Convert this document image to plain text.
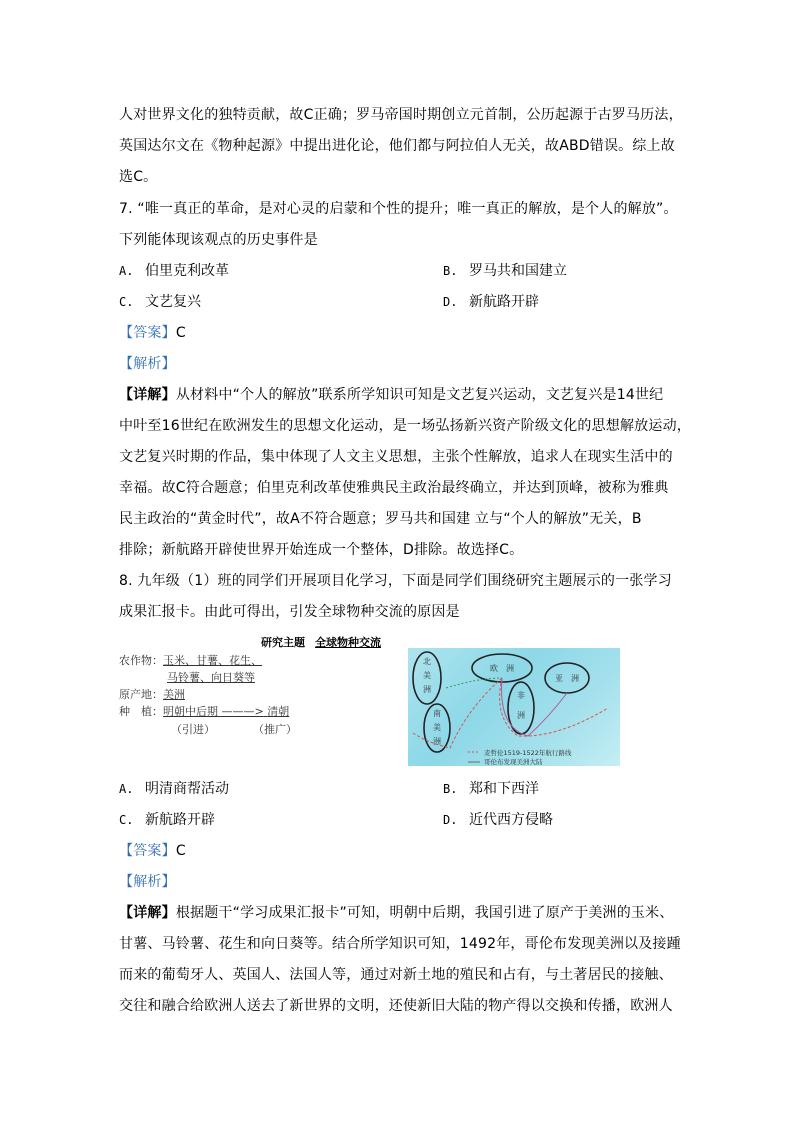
人对世界文化的独特贡献，故C正确；罗马帝国时期创立元首制，公历起源于古罗马历法，
英国达尔文在《物种起源》中提出进化论，他们都与阿拉伯人无关，故ABD错误。综上故
选C。
7. “唯一真正的革命，是对心灵的启蒙和个性的提升；唯一真正的解放，是个人的解放”。
下列能体现该观点的历史事件是
A. 伯里克利改革	B. 罗马共和国建立
C. 文艺复兴	D. 新航路开辟
【答案】C
【解析】
【详解】从材料中“个人的解放”联系所学知识可知是文艺复兴运动，文艺复兴是14世纪
中叶至16世纪在欧洲发生的思想文化运动，是一场弘扬新兴资产阶级文化的思想解放运动，
文艺复兴时期的作品，集中体现了人文主义思想，主张个性解放，追求人在现实生活中的
幸福。故C符合题意；伯里克利改革使雅典民主政治最终确立，并达到顶峰，被称为雅典
民主政治的“黄金时代”，故A不符合题意；罗马共和国建 立与“个人的解放”无关，B
排除；新航路开辟使世界开始连成一个整体，D排除。故选择C。
8. 九年级（1）班的同学们开展项目化学习，下面是同学们围绕研究主题展示的一张学习
成果汇报卡。由此可得出，引发全球物种交流的原因是
研究主题 全球物种交流
农作物：玉米、甘薯、花生、
马铃薯、向日葵等
原产地：美洲
种　植：明朝中后期 ———> 清朝
（引进）	（推广）
北
美
洲
南
美
洲
欧　洲
非
洲
亚　洲
麦哲伦1519-1522年航行路线
哥伦布发现美洲大陆
A. 明清商帮活动	B. 郑和下西洋
C. 新航路开辟	D. 近代西方侵略
【答案】C
【解析】
【详解】根据题干“学习成果汇报卡”可知，明朝中后期，我国引进了原产于美洲的玉米、
甘薯、马铃薯、花生和向日葵等。结合所学知识可知，1492年，哥伦布发现美洲以及接踵
而来的葡萄牙人、英国人、法国人等，通过对新土地的殖民和占有，与土著居民的接触、
交往和融合给欧洲人送去了新世界的文明，还使新旧大陆的物产得以交换和传播，欧洲人
